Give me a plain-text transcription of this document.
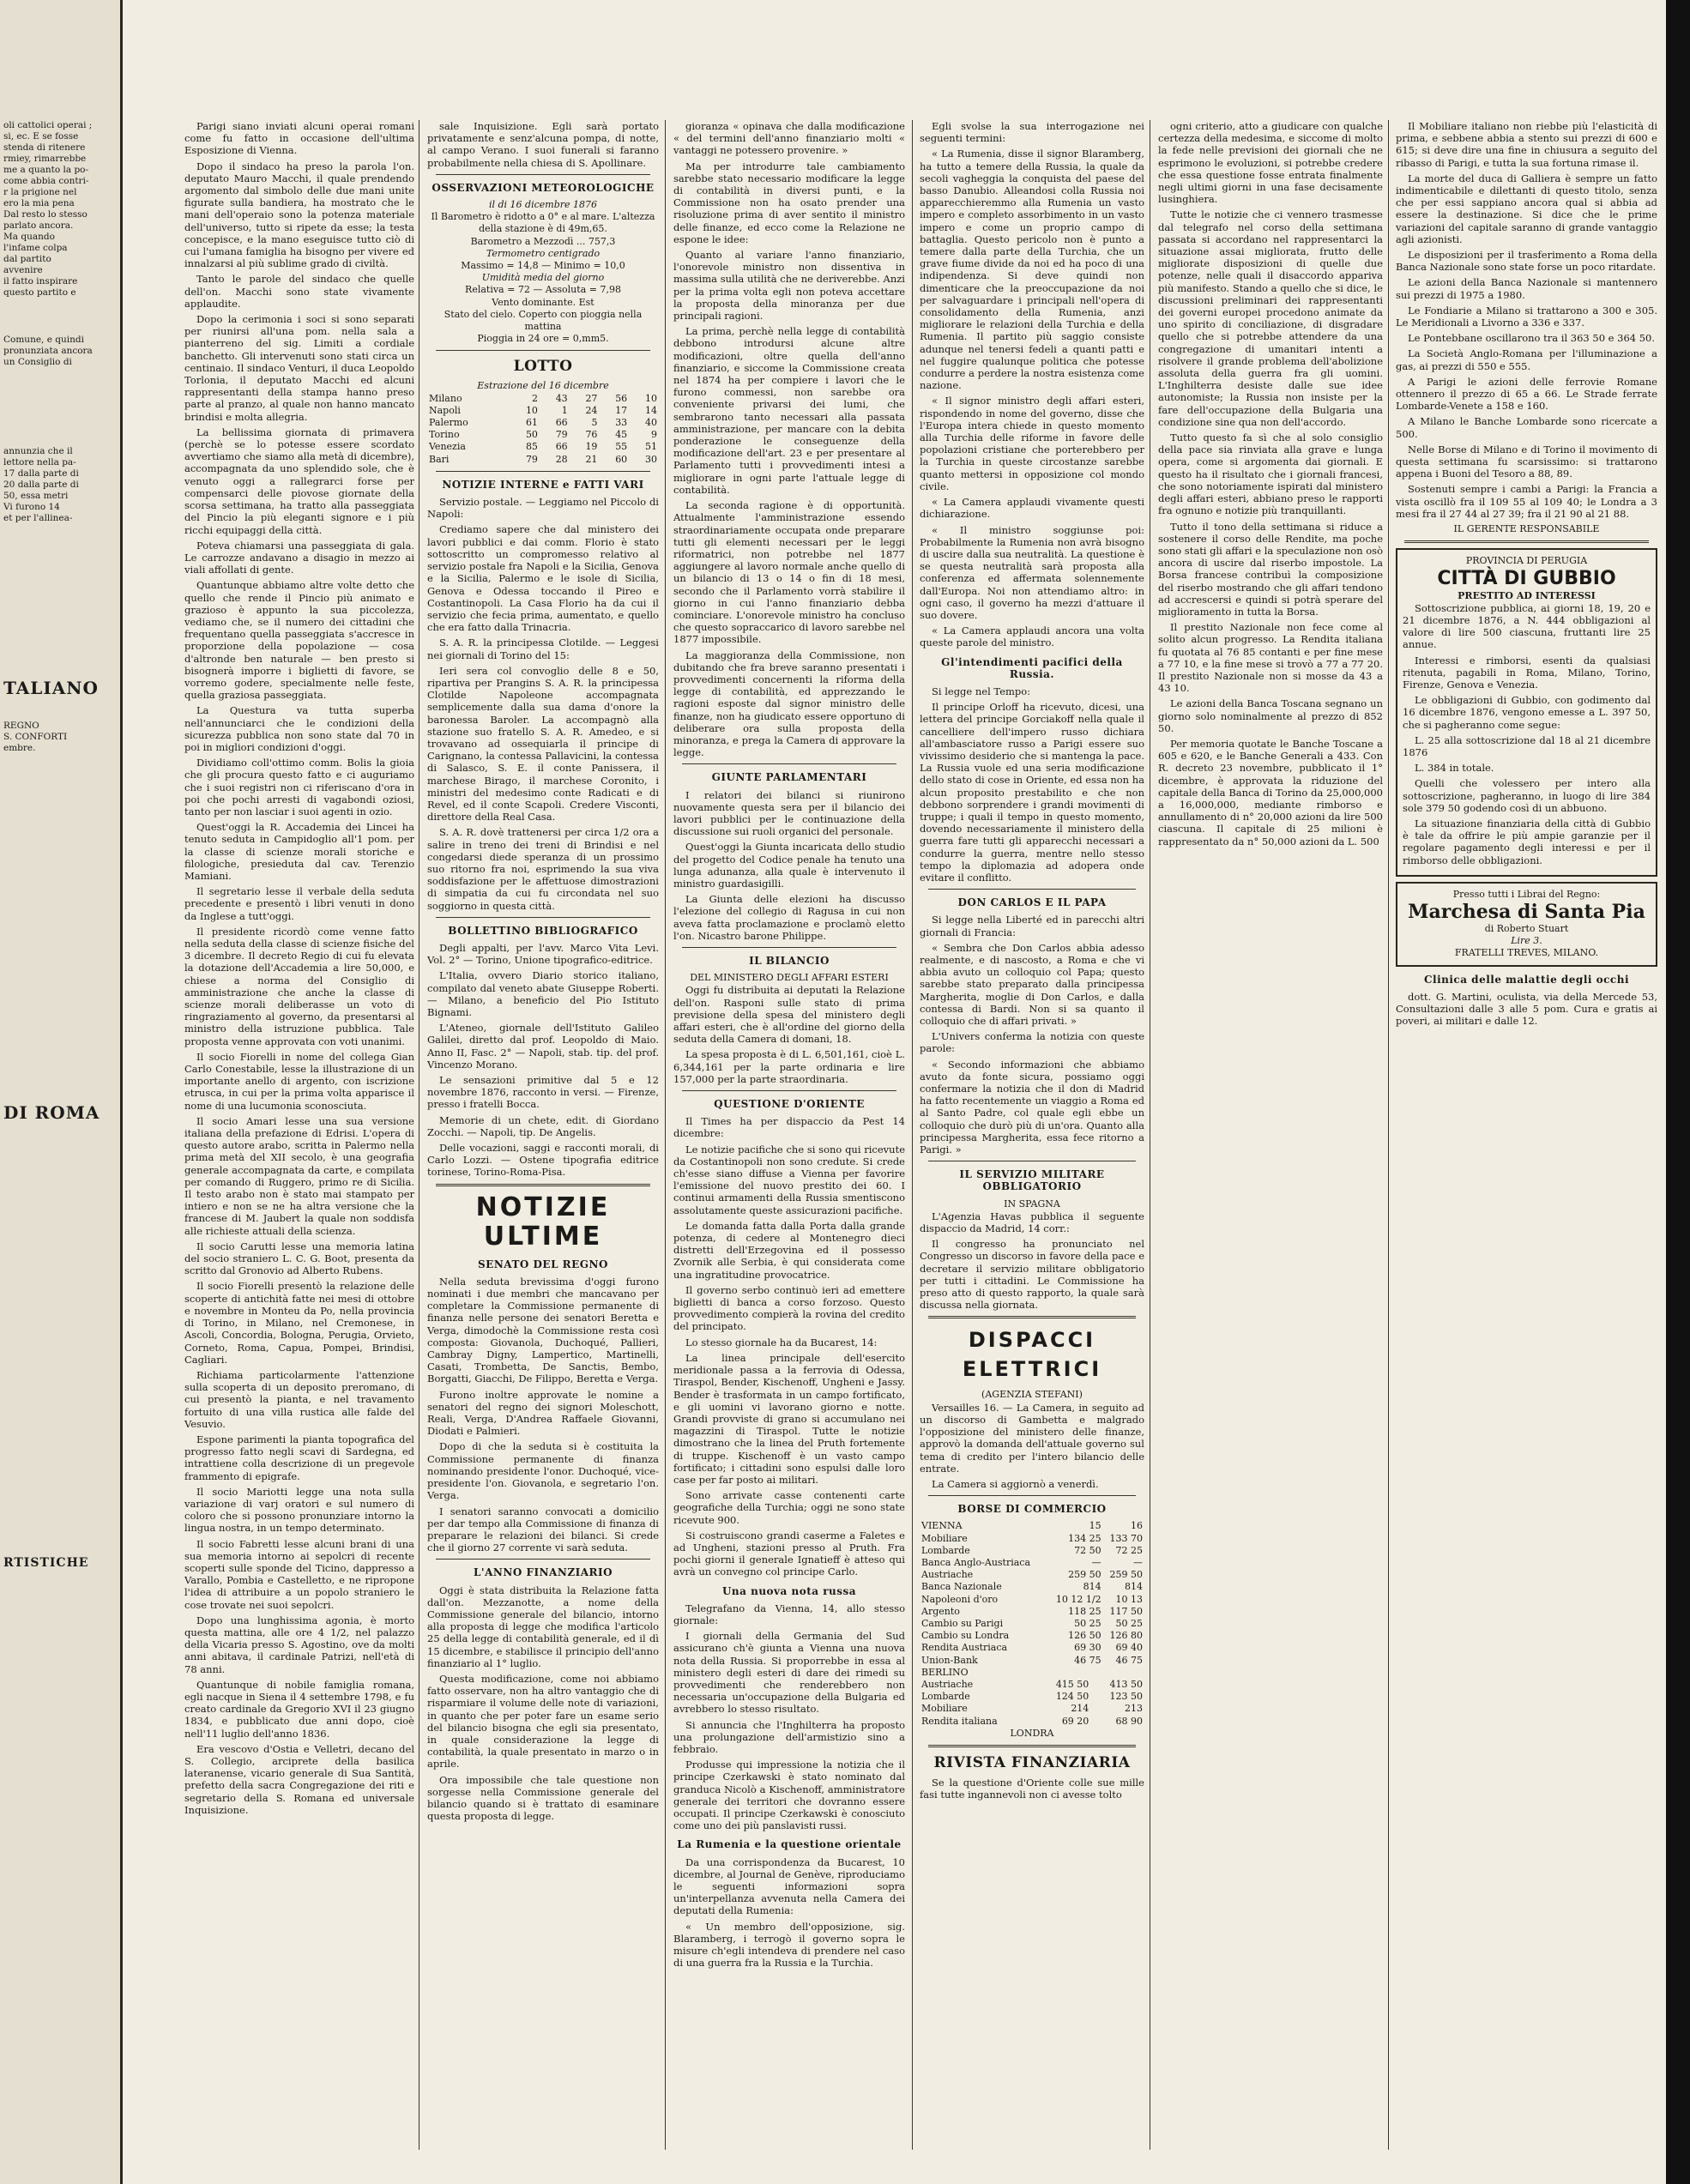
oli cattolici operai ;
si, ec. E se fosse
stenda di ritenere
rmiey, rimarrebbe
me a quanto la po-
come abbia contri-
r la prigione nel
ero la mia pena
Dal resto lo stesso
parlato ancora.
Ma quando
l'infame colpa
dal partito
avvenire
il fatto inspirare
questo partito e
Comune, e quindi
pronunziata ancora
un Consiglio di
annunzia che il
lettore nella pa-
17 dalla parte di
20 dalla parte di
50, essa metri
Vi furono 14
et per l'allinea-
TALIANO
REGNO
S. CONFORTI
embre.
DI ROMA
RTISTICHE

Parigi siano inviati alcuni operai romani come fu fatto in occasione dell'ultima Esposizione di Vienna.

Dopo il sindaco ha preso la parola l'on. deputato Mauro Macchi, il quale prendendo argomento dal simbolo delle due mani unite figurate sulla bandiera, ha mostrato che le mani dell'operaio sono la potenza materiale dell'universo, tutto si ripete da esse; la testa concepisce, e la mano eseguisce tutto ciò di cui l'umana famiglia ha bisogno per vivere ed innalzarsi al più sublime grado di civiltà.

Tanto le parole del sindaco che quelle dell'on. Macchi sono state vivamente applaudite.

Dopo la cerimonia i soci si sono separati per riunirsi all'una pom. nella sala a pianterreno del sig. Limiti a cordiale banchetto. Gli intervenuti sono stati circa un centinaio. Il sindaco Venturi, il duca Leopoldo Torlonia, il deputato Macchi ed alcuni rappresentanti della stampa hanno preso parte al pranzo, al quale non hanno mancato brindisi e molta allegria.

La bellissima giornata di primavera (perchè se lo potesse essere scordato avvertiamo che siamo alla metà di dicembre), accompagnata da uno splendido sole, che è venuto oggi a rallegrarci forse per compensarci delle piovose giornate della scorsa settimana, ha tratto alla passeggiata del Pincio la più eleganti signore e i più ricchi equipaggi della città.

Poteva chiamarsi una passeggiata di gala. Le carrozze andavano a disagio in mezzo ai viali affollati di gente.

Quantunque abbiamo altre volte detto che quello che rende il Pincio più animato e grazioso è appunto la sua piccolezza, vediamo che, se il numero dei cittadini che frequentano quella passeggiata s'accresce in proporzione della popolazione — cosa d'altronde ben naturale — ben presto si bisognerà imporre i biglietti di favore, se vorremo godere, specialmente nelle feste, quella graziosa passeggiata.

La Questura va tutta superba nell'annunciarci che le condizioni della sicurezza pubblica non sono state dal 70 in poi in migliori condizioni d'oggi.

Dividiamo coll'ottimo comm. Bolis la gioia che gli procura questo fatto e ci auguriamo che i suoi registri non ci riferiscano d'ora in poi che pochi arresti di vagabondi oziosi, tanto per non lasciar i suoi agenti in ozio.

Quest'oggi la R. Accademia dei Lincei ha tenuto seduta in Campidoglio all'1 pom. per la classe di scienze morali storiche e filologiche, presieduta dal cav. Terenzio Mamiani.

Il segretario lesse il verbale della seduta precedente e presentò i libri venuti in dono da Inglese a tutt'oggi.

Il presidente ricordò come venne fatto nella seduta della classe di scienze fisiche del 3 dicembre. Il decreto Regio di cui fu elevata la dotazione dell'Accademia a lire 50,000, e chiese a norma del Consiglio di amministrazione che anche la classe di scienze morali deliberasse un voto di ringraziamento al governo, da presentarsi al ministro della istruzione pubblica. Tale proposta venne approvata con voti unanimi.

Il socio Fiorelli in nome del collega Gian Carlo Conestabile, lesse la illustrazione di un importante anello di argento, con iscrizione etrusca, in cui per la prima volta apparisce il nome di una lucumonia sconosciuta.

Il socio Amari lesse una sua versione italiana della prefazione di Edrisi. L'opera di questo autore arabo, scritta in Palermo nella prima metà del XII secolo, è una geografia generale accompagnata da carte, e compilata per comando di Ruggero, primo re di Sicilia. Il testo arabo non è stato mai stampato per intiero e non se ne ha altra versione che la francese di M. Jaubert la quale non soddisfa alle richieste attuali della scienza.

Il socio Carutti lesse una memoria latina del socio straniero L. C. G. Boot, presenta da scritto dal Gronovio ad Alberto Rubens.

Il socio Fiorelli presentò la relazione delle scoperte di antichità fatte nei mesi di ottobre e novembre in Monteu da Po, nella provincia di Torino, in Milano, nel Cremonese, in Ascoli, Concordia, Bologna, Perugia, Orvieto, Corneto, Roma, Capua, Pompei, Brindisi, Cagliari.

Richiama particolarmente l'attenzione sulla scoperta di un deposito preromano, di cui presentò la pianta, e nel travamento fortuito di una villa rustica alle falde del Vesuvio.

Espone parimenti la pianta topografica del progresso fatto negli scavi di Sardegna, ed intrattiene colla descrizione di un pregevole frammento di epigrafe.

Il socio Mariotti legge una nota sulla variazione di varj oratori e sul numero di coloro che si possono pronunziare intorno la lingua nostra, in un tempo determinato.

Il socio Fabretti lesse alcuni brani di una sua memoria intorno ai sepolcri di recente scoperti sulle sponde del Ticino, dappresso a Varallo, Pombia e Castelletto, e ne ripropone l'idea di attribuire a un popolo straniero le cose trovate nei suoi sepolcri.

Dopo una lunghissima agonia, è morto questa mattina, alle ore 4 1/2, nel palazzo della Vicaria presso S. Agostino, ove da molti anni abitava, il cardinale Patrizi, nell'età di 78 anni.

Quantunque di nobile famiglia romana, egli nacque in Siena il 4 settembre 1798, e fu creato cardinale da Gregorio XVI il 23 giugno 1834, e pubblicato due anni dopo, cioè nell'11 luglio dell'anno 1836.

Era vescovo d'Ostia e Velletri, decano del S. Collegio, arciprete della basilica lateranense, vicario generale di Sua Santità, prefetto della sacra Congregazione dei riti e segretario della S. Romana ed universale Inquisizione.

sale Inquisizione. Egli sarà portato privatamente e senz'alcuna pompa, di notte, al campo Verano. I suoi funerali si faranno probabilmente nella chiesa di S. Apollinare.

OSSERVAZIONI METEOROLOGICHE
il di 16 dicembre 1876
Il Barometro è ridotto a 0° e al mare. L'altezza della stazione è di 49m,65.
Barometro a Mezzodì ... 757,3
Termometro centigrado
Massimo = 14,8 — Minimo = 10,0
Umidità media del giorno
Relativa = 72 — Assoluta = 7,98
Vento dominante. Est
Stato del cielo. Coperto con pioggia nella mattina
Pioggia in 24 ore = 0,mm5.
LOTTO
Estrazione del 16 dicembre
Milano	2	43	27	56	10
Napoli	10	1	24	17	14
Palermo	61	66	5	33	40
Torino	50	79	76	45	9
Venezia	85	66	19	55	51
Bari	79	28	21	60	30
NOTIZIE INTERNE e FATTI VARI

Servizio postale. — Leggiamo nel Piccolo di Napoli:

Crediamo sapere che dal ministero dei lavori pubblici e dai comm. Florio è stato sottoscritto un compromesso relativo al servizio postale fra Napoli e la Sicilia, Genova e la Sicilia, Palermo e le isole di Sicilia, Genova e Odessa toccando il Pireo e Costantinopoli. La Casa Florio ha da cui il servizio che fecia prima, aumentato, e quello che era fatto dalla Trinacria.

S. A. R. la principessa Clotilde. — Leggesi nei giornali di Torino del 15:

Ieri sera col convoglio delle 8 e 50, ripartiva per Prangins S. A. R. la principessa Clotilde Napoleone accompagnata semplicemente dalla sua dama d'onore la baronessa Baroler. La accompagnò alla stazione suo fratello S. A. R. Amedeo, e si trovavano ad ossequiarla il principe di Carignano, la contessa Pallavicini, la contessa di Salasco, S. E. il conte Panissera, il marchese Birago, il marchese Coronito, i ministri del medesimo conte Radicati e di Revel, ed il conte Scapoli. Credere Visconti, direttore della Real Casa.

S. A. R. dovè trattenersi per circa 1/2 ora a salire in treno dei treni di Brindisi e nel congedarsi diede speranza di un prossimo suo ritorno fra noi, esprimendo la sua viva soddisfazione per le affettuose dimostrazioni di simpatia da cui fu circondata nel suo soggiorno in questa città.

BOLLETTINO BIBLIOGRAFICO

Degli appalti, per l'avv. Marco Vita Levi. Vol. 2° — Torino, Unione tipografico-editrice.

L'Italia, ovvero Diario storico italiano, compilato dal veneto abate Giuseppe Roberti. — Milano, a beneficio del Pio Istituto Bignami.

L'Ateneo, giornale dell'Istituto Galileo Galilei, diretto dal prof. Leopoldo di Maio. Anno II, Fasc. 2° — Napoli, stab. tip. del prof. Vincenzo Morano.

Le sensazioni primitive dal 5 e 12 novembre 1876, racconto in versi. — Firenze, presso i fratelli Bocca.

Memorie di un chete, edit. di Giordano Zocchi. — Napoli, tip. De Angelis.

Delle vocazioni, saggi e racconti morali, di Carlo Lozzi. — Ostene tipografia editrice torinese, Torino-Roma-Pisa.

NOTIZIE ULTIME
SENATO DEL REGNO

Nella seduta brevissima d'oggi furono nominati i due membri che mancavano per completare la Commissione permanente di finanza nelle persone dei senatori Beretta e Verga, dimodochè la Commissione resta così composta: Giovanola, Duchoqué, Pallieri, Cambray Digny, Lampertico, Martinelli, Casati, Trombetta, De Sanctis, Bembo, Borgatti, Giacchi, De Filippo, Beretta e Verga.

Furono inoltre approvate le nomine a senatori del regno dei signori Moleschott, Reali, Verga, D'Andrea Raffaele Giovanni, Diodati e Palmieri.

Dopo di che la seduta si è costituita la Commissione permanente di finanza nominando presidente l'onor. Duchoqué, vice-presidente l'on. Giovanola, e segretario l'on. Verga.

I senatori saranno convocati a domicilio per dar tempo alla Commissione di finanza di preparare le relazioni dei bilanci. Si crede che il giorno 27 corrente vi sarà seduta.

L'ANNO FINANZIARIO

Oggi è stata distribuita la Relazione fatta dall'on. Mezzanotte, a nome della Commissione generale del bilancio, intorno alla proposta di legge che modifica l'articolo 25 della legge di contabilità generale, ed il dì 15 dicembre, e stabilisce il principio dell'anno finanziario al 1° luglio.

Questa modificazione, come noi abbiamo fatto osservare, non ha altro vantaggio che di risparmiare il volume delle note di variazioni, in quanto che per poter fare un esame serio del bilancio bisogna che egli sia presentato, in quale considerazione la legge di contabilità, la quale presentato in marzo o in aprile.

Ora impossibile che tale questione non sorgesse nella Commissione generale del bilancio quando si è trattato di esaminare questa proposta di legge.

gioranza « opinava che dalla modificazione « del termini dell'anno finanziario molti « vantaggi ne potessero provenire. »

Ma per introdurre tale cambiamento sarebbe stato necessario modificare la legge di contabilità in diversi punti, e la Commissione non ha osato prender una risoluzione prima di aver sentito il ministro delle finanze, ed ecco come la Relazione ne espone le idee:

Quanto al variare l'anno finanziario, l'onorevole ministro non dissentiva in massima sulla utilità che ne deriverebbe. Anzi per la prima volta egli non poteva accettare la proposta della minoranza per due principali ragioni.

La prima, perchè nella legge di contabilità debbono introdursi alcune altre modificazioni, oltre quella dell'anno finanziario, e siccome la Commissione creata nel 1874 ha per compiere i lavori che le furono commessi, non sarebbe ora conveniente privarsi dei lumi, che sembrarono tanto necessari alla passata amministrazione, per mancare con la debita ponderazione le conseguenze della modificazione dell'art. 23 e per presentare al Parlamento tutti i provvedimenti intesi a migliorare in ogni parte l'attuale legge di contabilità.

La seconda ragione è di opportunità. Attualmente l'amministrazione essendo straordinariamente occupata onde preparare tutti gli elementi necessari per le leggi riformatrici, non potrebbe nel 1877 aggiungere al lavoro normale anche quello di un bilancio di 13 o 14 o fin di 18 mesi, secondo che il Parlamento vorrà stabilire il giorno in cui l'anno finanziario debba cominciare. L'onorevole ministro ha concluso che questo sopraccarico di lavoro sarebbe nel 1877 impossibile.

La maggioranza della Commissione, non dubitando che fra breve saranno presentati i provvedimenti concernenti la riforma della legge di contabilità, ed apprezzando le ragioni esposte dal signor ministro delle finanze, non ha giudicato essere opportuno di deliberare ora sulla proposta della minoranza, e prega la Camera di approvare la legge.

GIUNTE PARLAMENTARI

I relatori dei bilanci si riunirono nuovamente questa sera per il bilancio dei lavori pubblici per le continuazione della discussione sui ruoli organici del personale.

Quest'oggi la Giunta incaricata dello studio del progetto del Codice penale ha tenuto una lunga adunanza, alla quale è intervenuto il ministro guardasigilli.

La Giunta delle elezioni ha discusso l'elezione del collegio di Ragusa in cui non aveva fatta proclamazione e proclamò eletto l'on. Nicastro barone Philippe.

IL BILANCIO
DEL MINISTERO DEGLI AFFARI ESTERI

Oggi fu distribuita ai deputati la Relazione dell'on. Rasponi sulle stato di prima previsione della spesa del ministero degli affari esteri, che è all'ordine del giorno della seduta della Camera di domani, 18.

La spesa proposta è di L. 6,501,161, cioè L. 6,344,161 per la parte ordinaria e lire 157,000 per la parte straordinaria.

QUESTIONE D'ORIENTE

Il Times ha per dispaccio da Pest 14 dicembre:

Le notizie pacifiche che si sono qui ricevute da Costantinopoli non sono credute. Si crede ch'esse siano diffuse a Vienna per favorire l'emissione del nuovo prestito dei 60. I continui armamenti della Russia smentiscono assolutamente queste assicurazioni pacifiche.

Le domanda fatta dalla Porta dalla grande potenza, di cedere al Montenegro dieci distretti dell'Erzegovina ed il possesso Zvornik alle Serbia, è qui considerata come una ingratitudine provocatrice.

Il governo serbo continuò ieri ad emettere biglietti di banca a corso forzoso. Questo provvedimento compierà la rovina del credito del principato.

Lo stesso giornale ha da Bucarest, 14:

La linea principale dell'esercito meridionale passa a la ferrovia di Odessa, Tiraspol, Bender, Kischenoff, Ungheni e Jassy. Bender è trasformata in un campo fortificato, e gli uomini vi lavorano giorno e notte. Grandi provviste di grano si accumulano nei magazzini di Tiraspol. Tutte le notizie dimostrano che la linea del Pruth fortemente di truppe. Kischenoff è un vasto campo fortificato; i cittadini sono espulsi dalle loro case per far posto ai militari.

Sono arrivate casse contenenti carte geografiche della Turchia; oggi ne sono state ricevute 900.

Si costruiscono grandi caserme a Faletes e ad Ungheni, stazioni presso al Pruth. Fra pochi giorni il generale Ignatieff è atteso qui avrà un convegno col principe Carlo.

Una nuova nota russa

Telegrafano da Vienna, 14, allo stesso giornale:

I giornali della Germania del Sud assicurano ch'è giunta a Vienna una nuova nota della Russia. Si proporrebbe in essa al ministero degli esteri di dare dei rimedi su provvedimenti che renderebbero non necessaria un'occupazione della Bulgaria ed avrebbero lo stesso risultato.

Si annuncia che l'Inghilterra ha proposto una prolungazione dell'armistizio sino a febbraio.

Produsse qui impressione la notizia che il principe Czerkawski è stato nominato dal granduca Nicolò a Kischenoff, amministratore generale dei territori che dovranno essere occupati. Il principe Czerkawski è conosciuto come uno dei più panslavisti russi.

La Rumenia e la questione orientale

Da una corrispondenza da Bucarest, 10 dicembre, al Journal de Genève, riproduciamo le seguenti informazioni sopra un'interpellanza avvenuta nella Camera dei deputati della Rumenia:

« Un membro dell'opposizione, sig. Blaramberg, i terrogò il governo sopra le misure ch'egli intendeva di prendere nel caso di una guerra fra la Russia e la Turchia.

Egli svolse la sua interrogazione nei seguenti termini:

« La Rumenia, disse il signor Blaramberg, ha tutto a temere della Russia, la quale da secoli vagheggia la conquista del paese del basso Danubio. Alleandosi colla Russia noi apparecchieremmo alla Rumenia un vasto impero e completo assorbimento in un vasto impero e come un proprio campo di battaglia. Questo pericolo non è punto a temere dalla parte della Turchia, che un grave fiume divide da noi ed ha poco di una indipendenza. Si deve quindi non dimenticare che la preoccupazione da noi per salvaguardare i principali nell'opera di consolidamento della Rumenia, anzi migliorare le relazioni della Turchia e della Rumenia. Il partito più saggio consiste adunque nel tenersi fedeli a quanti patti e nel fuggire qualunque politica che potesse condurre a perdere la nostra esistenza come nazione.

« Il signor ministro degli affari esteri, rispondendo in nome del governo, disse che l'Europa intera chiede in questo momento alla Turchia delle riforme in favore delle popolazioni cristiane che porterebbero per la Turchia in queste circostanze sarebbe quanto mettersi in opposizione col mondo civile.

« La Camera applaudi vivamente questi dichiarazione.

« Il ministro soggiunse poi: Probabilmente la Rumenia non avrà bisogno di uscire dalla sua neutralità. La questione è se questa neutralità sarà proposta alla conferenza ed affermata solennemente dall'Europa. Noi non attendiamo altro: in ogni caso, il governo ha mezzi d'attuare il suo dovere.

« La Camera applaudi ancora una volta queste parole del ministro.

Gl'intendimenti pacifici della Russia.

Si legge nel Tempo:

Il principe Orloff ha ricevuto, dicesi, una lettera del principe Gorciakoff nella quale il cancelliere dell'impero russo dichiara all'ambasciatore russo a Parigi essere suo vivissimo desiderio che si mantenga la pace. La Russia vuole ed una seria modificazione dello stato di cose in Oriente, ed essa non ha alcun proposito prestabilito e che non debbono sorprendere i grandi movimenti di truppe; i quali il tempo in questo momento, dovendo necessariamente il ministero della guerra fare tutti gli apparecchi necessari a condurre la guerra, mentre nello stesso tempo la diplomazia ad adopera onde evitare il conflitto.

DON CARLOS E IL PAPA

Si legge nella Liberté ed in parecchi altri giornali di Francia:

« Sembra che Don Carlos abbia adesso realmente, e di nascosto, a Roma e che vi abbia avuto un colloquio col Papa; questo sarebbe stato preparato dalla principessa Margherita, moglie di Don Carlos, e dalla contessa di Bardi. Non si sa quanto il colloquio che di affari privati. »

L'Univers conferma la notizia con queste parole:

« Secondo informazioni che abbiamo avuto da fonte sicura, possiamo oggi confermare la notizia che il don di Madrid ha fatto recentemente un viaggio a Roma ed al Santo Padre, col quale egli ebbe un colloquio che durò più di un'ora. Quanto alla principessa Margherita, essa fece ritorno a Parigi. »

IL SERVIZIO MILITARE OBBLIGATORIO
IN SPAGNA

L'Agenzia Havas pubblica il seguente dispaccio da Madrid, 14 corr.:

Il congresso ha pronunciato nel Congresso un discorso in favore della pace e decretare il servizio militare obbligatorio per tutti i cittadini. Le Commissione ha preso atto di questo rapporto, la quale sarà discussa nella giornata.

DISPACCI ELETTRICI
(AGENZIA STEFANI)

Versailles 16. — La Camera, in seguito ad un discorso di Gambetta e malgrado l'opposizione del ministero delle finanze, approvò la domanda dell'attuale governo sul tema di credito per l'intero bilancio delle entrate.

La Camera si aggiornò a venerdì.

BORSE DI COMMERCIO
VIENNA	15	16
Mobiliare	134 25	133 70
Lombarde	72 50	72 25
Banca Anglo-Austriaca	—	—
Austriache	259 50	259 50
Banca Nazionale	814	814
Napoleoni d'oro	10 12 1/2	10 13
Argento	118 25	117 50
Cambio su Parigi	50 25	50 25
Cambio su Londra	126 50	126 80
Rendita Austriaca	69 30	69 40
Union-Bank	46 75	46 75
BERLINO		
Austriache	415 50	413 50
Lombarde	124 50	123 50
Mobiliare	214	213
Rendita italiana	69 20	68 90
LONDRA
RIVISTA FINANZIARIA

Se la questione d'Oriente colle sue mille fasi tutte ingannevoli non ci avesse tolto

ogni criterio, atto a giudicare con qualche certezza della medesima, e siccome di molto la fede nelle previsioni dei giornali che ne esprimono le evoluzioni, si potrebbe credere che essa questione fosse entrata finalmente negli ultimi giorni in una fase decisamente lusinghiera.

Tutte le notizie che ci vennero trasmesse dal telegrafo nel corso della settimana passata si accordano nel rappresentarci la situazione assai migliorata, frutto delle migliorate disposizioni di quelle due potenze, nelle quali il disaccordo appariva più manifesto. Stando a quello che si dice, le discussioni preliminari dei rappresentanti dei governi europei procedono animate da uno spirito di conciliazione, di disgradare quello che si potrebbe attendere da una congregazione di umanitari intenti a risolvere il grande problema dell'abolizione assoluta della guerra fra gli uomini. L'Inghilterra desiste dalle sue idee autonomiste; la Russia non insiste per la fare dell'occupazione della Bulgaria una condizione sine qua non dell'accordo.

Tutto questo fa sì che al solo consiglio della pace sia rinviata alla grave e lunga opera, come si argomenta dai giornali. E questo ha il risultato che i giornali francesi, che sono notoriamente ispirati dal ministero degli affari esteri, abbiano preso le rapporti fra ognuno e notizie più tranquillanti.

Tutto il tono della settimana si riduce a sostenere il corso delle Rendite, ma poche sono stati gli affari e la speculazione non osò ancora di uscire dal riserbo impostole. La Borsa francese contribuì la composizione del riserbo mostrando che gli affari tendono ad accrescersi e quindi si potrà sperare del miglioramento in tutta la Borsa.

Il prestito Nazionale non fece come al solito alcun progresso. La Rendita italiana fu quotata al 76 85 contanti e per fine mese a 77 10, e la fine mese si trovò a 77 a 77 20. Il prestito Nazionale non si mosse da 43 a 43 10.

Le azioni della Banca Toscana segnano un giorno solo nominalmente al prezzo di 852 50.

Per memoria quotate le Banche Toscane a 605 e 620, e le Banche Generali a 433. Con R. decreto 23 novembre, pubblicato il 1° dicembre, è approvata la riduzione del capitale della Banca di Torino da 25,000,000 a 16,000,000, mediante rimborso e annullamento di n° 20,000 azioni da lire 500 ciascuna. Il capitale di 25 milioni è rappresentato da n° 50,000 azioni da L. 500

Il Mobiliare italiano non riebbe più l'elasticità di prima, e sebbene abbia a stento sui prezzi di 600 e 615; si deve dire una fine in chiusura a seguito del ribasso di Parigi, e tutta la sua fortuna rimase il.

La morte del duca di Galliera è sempre un fatto indimenticabile e dilettanti di questo titolo, senza che per essi sappiano ancora qual si abbia ad essere la destinazione. Si dice che le prime variazioni del capitale saranno di grande vantaggio agli azionisti.

Le disposizioni per il trasferimento a Roma della Banca Nazionale sono state forse un poco ritardate.

Le azioni della Banca Nazionale si mantennero sui prezzi di 1975 a 1980.

Le Fondiarie a Milano si trattarono a 300 e 305. Le Meridionali a Livorno a 336 e 337.

Le Pontebbane oscillarono tra il 363 50 e 364 50.

La Società Anglo-Romana per l'illuminazione a gas, ai prezzi di 550 e 555.

A Parigi le azioni delle ferrovie Romane ottennero il prezzo di 65 a 66. Le Strade ferrate Lombarde-Venete a 158 e 160.

A Milano le Banche Lombarde sono ricercate a 500.

Nelle Borse di Milano e di Torino il movimento di questa settimana fu scarsissimo: si trattarono appena i Buoni del Tesoro a 88, 89.

Sostenuti sempre i cambi a Parigi: la Francia a vista oscillò fra il 109 55 al 109 40; le Londra a 3 mesi fra il 27 44 al 27 39; fra il 21 90 al 21 88.

IL GERENTE RESPONSABILE
PROVINCIA DI PERUGIA
CITTÀ DI GUBBIO
PRESTITO AD INTERESSI

Sottoscrizione pubblica, ai giorni 18, 19, 20 e 21 dicembre 1876, a N. 444 obbligazioni al valore di lire 500 ciascuna, fruttanti lire 25 annue.

Interessi e rimborsi, esenti da qualsiasi ritenuta, pagabili in Roma, Milano, Torino, Firenze, Genova e Venezia.

Le obbligazioni di Gubbio, con godimento dal 16 dicembre 1876, vengono emesse a L. 397 50, che si pagheranno come segue:

L. 25 alla sottoscrizione dal 18 al 21 dicembre 1876

L. 384 in totale.

Quelli che volessero per intero alla sottoscrizione, pagheranno, in luogo di lire 384 sole 379 50 godendo così di un abbuono.

La situazione finanziaria della città di Gubbio è tale da offrire le più ampie garanzie per il regolare pagamento degli interessi e per il rimborso delle obbligazioni.

Presso tutti i Librai del Regno:
Marchesa di Santa Pia
di Roberto Stuart
Lire 3.
FRATELLI TREVES, MILANO.
Clinica delle malattie degli occhi

dott. G. Martini, oculista, via della Mercede 53, Consultazioni dalle 3 alle 5 pom. Cura e gratis ai poveri, ai militari e dalle 12.
